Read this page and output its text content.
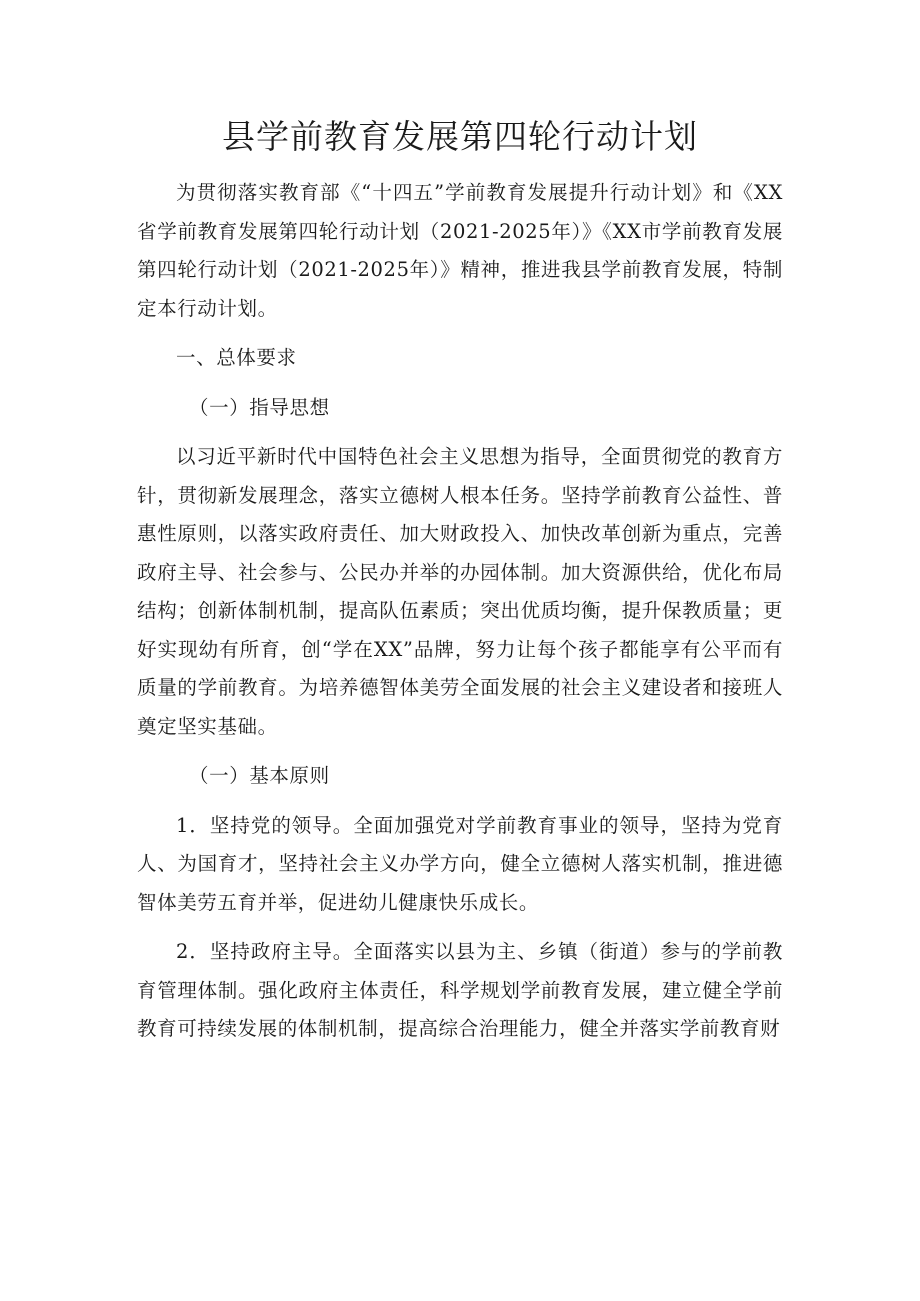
县学前教育发展第四轮行动计划

为贯彻落实教育部《“十四五”学前教育发展提升行动计划》和《XX省学前教育发展第四轮行动计划（2021-2025年）》《XX市学前教育发展第四轮行动计划（2021-2025年）》精神，推进我县学前教育发展，特制定本行动计划。

一、总体要求

（一）指导思想

以习近平新时代中国特色社会主义思想为指导，全面贯彻党的教育方针，贯彻新发展理念，落实立德树人根本任务。坚持学前教育公益性、普惠性原则，以落实政府责任、加大财政投入、加快改革创新为重点，完善政府主导、社会参与、公民办并举的办园体制。加大资源供给，优化布局结构；创新体制机制，提高队伍素质；突出优质均衡，提升保教质量；更好实现幼有所育，创“学在XX”品牌，努力让每个孩子都能享有公平而有质量的学前教育。为培养德智体美劳全面发展的社会主义建设者和接班人奠定坚实基础。

（一）基本原则

1．坚持党的领导。全面加强党对学前教育事业的领导，坚持为党育人、为国育才，坚持社会主义办学方向，健全立德树人落实机制，推进德智体美劳五育并举，促进幼儿健康快乐成长。

2．坚持政府主导。全面落实以县为主、乡镇（街道）参与的学前教育管理体制。强化政府主体责任，科学规划学前教育发展，建立健全学前教育可持续发展的体制机制，提高综合治理能力，健全并落实学前教育财
